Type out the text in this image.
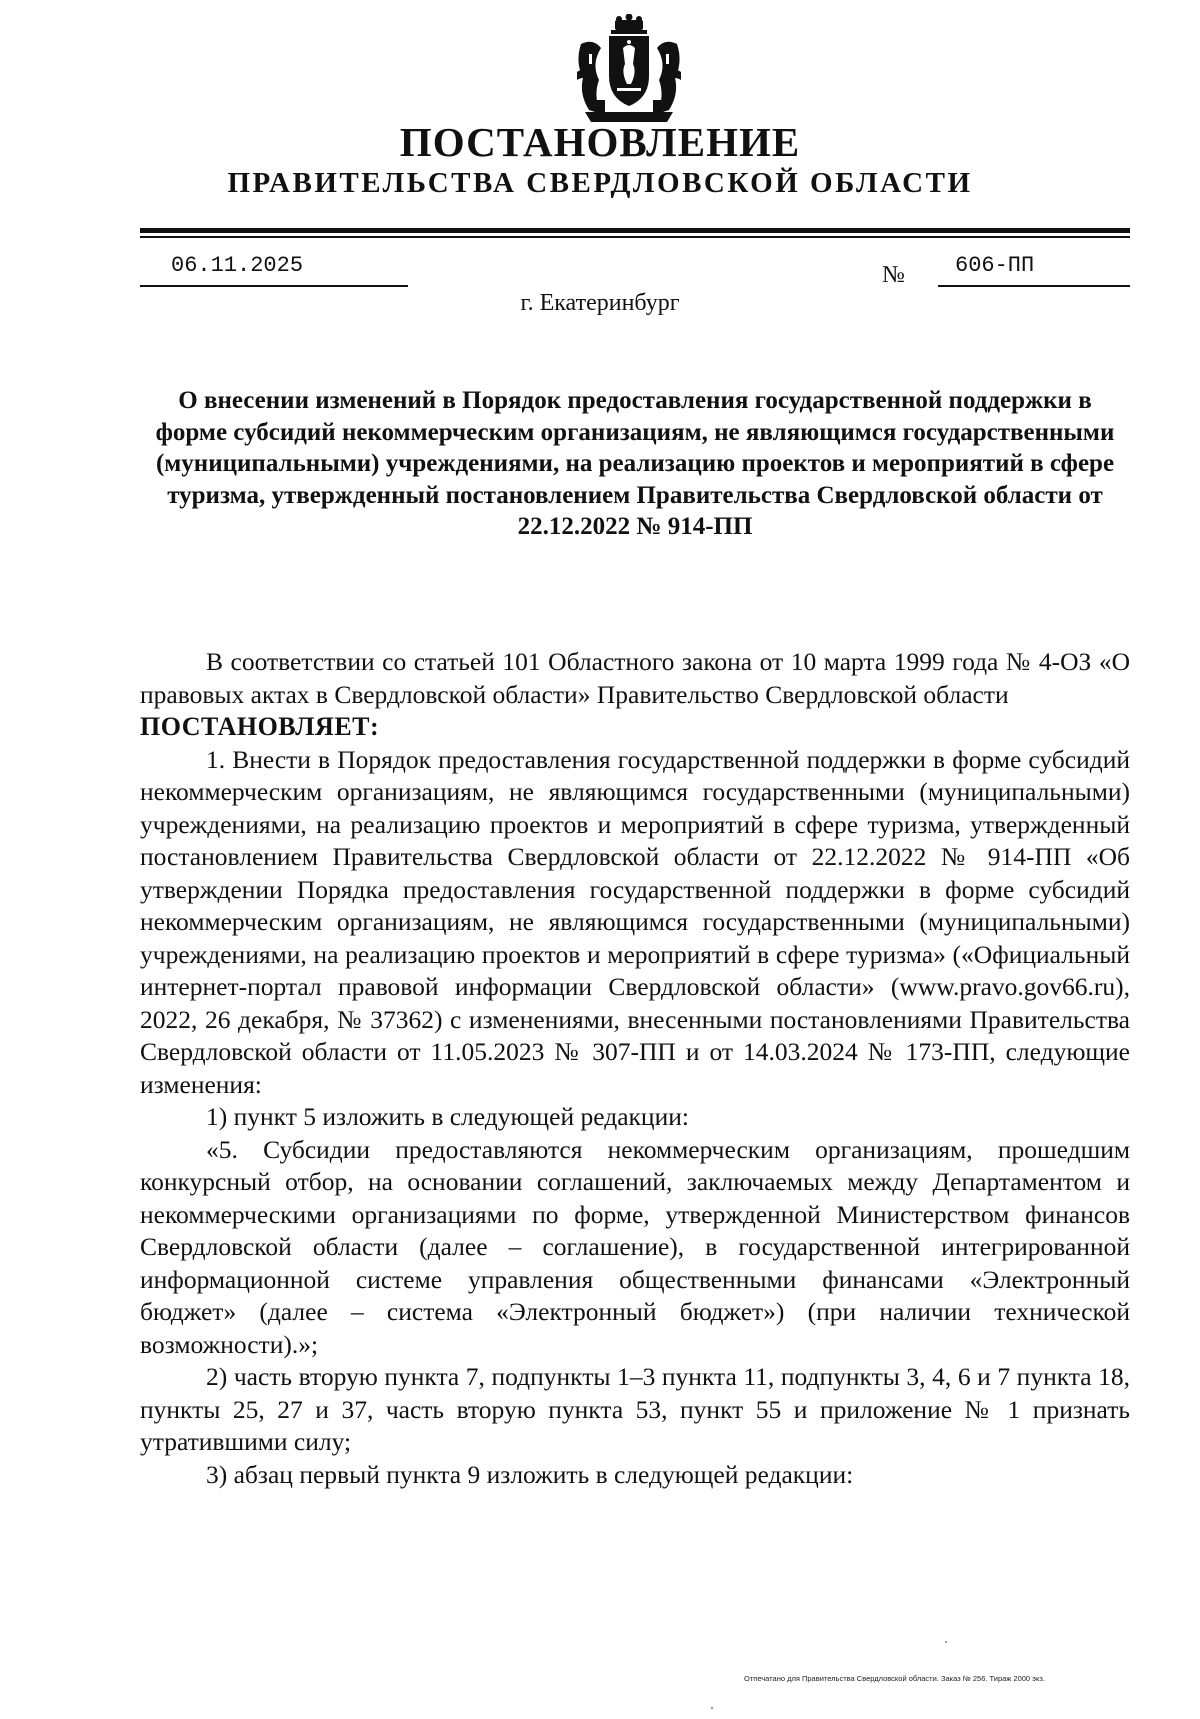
ПОСТАНОВЛЕНИЕ
ПРАВИТЕЛЬСТВА СВЕРДЛОВСКОЙ ОБЛАСТИ
06.11.2025	№ 606-ПП
г. Екатеринбург
О внесении изменений в Порядок предоставления государственной поддержки в форме субсидий некоммерческим организациям, не являющимся государственными (муниципальными) учреждениями, на реализацию проектов и мероприятий в сфере туризма, утвержденный постановлением Правительства Свердловской области от 22.12.2022 № 914-ПП

В соответствии со статьей 101 Областного закона от 10 марта 1999 года № 4-ОЗ «О правовых актах в Свердловской области» Правительство Свердловской области

ПОСТАНОВЛЯЕТ:

1. Внести в Порядок предоставления государственной поддержки в форме субсидий некоммерческим организациям, не являющимся государственными (муниципальными) учреждениями, на реализацию проектов и мероприятий в сфере туризма, утвержденный постановлением Правительства Свердловской области от 22.12.2022 № 914-ПП «Об утверждении Порядка предоставления государственной поддержки в форме субсидий некоммерческим организациям, не являющимся государственными (муниципальными) учреждениями, на реализацию проектов и мероприятий в сфере туризма» («Официальный интернет-портал правовой информации Свердловской области» (www.pravo.gov66.ru), 2022, 26 декабря, № 37362) с изменениями, внесенными постановлениями Правительства Свердловской области от 11.05.2023 № 307-ПП и от 14.03.2024 № 173-ПП, следующие изменения:

1) пункт 5 изложить в следующей редакции:

«5. Субсидии предоставляются некоммерческим организациям, прошедшим конкурсный отбор, на основании соглашений, заключаемых между Департаментом и некоммерческими организациями по форме, утвержденной Министерством финансов Свердловской области (далее – соглашение), в государственной интегрированной информационной системе управления общественными финансами «Электронный бюджет» (далее – система «Электронный бюджет») (при наличии технической возможности).»;

2) часть вторую пункта 7, подпункты 1–3 пункта 11, подпункты 3, 4, 6 и 7 пункта 18, пункты 25, 27 и 37, часть вторую пункта 53, пункт 55 и приложение № 1 признать утратившими силу;

3) абзац первый пункта 9 изложить в следующей редакции:

Отпечатано для Правительства Свердловской области. Заказ № 256. Тираж 2000 экз.
